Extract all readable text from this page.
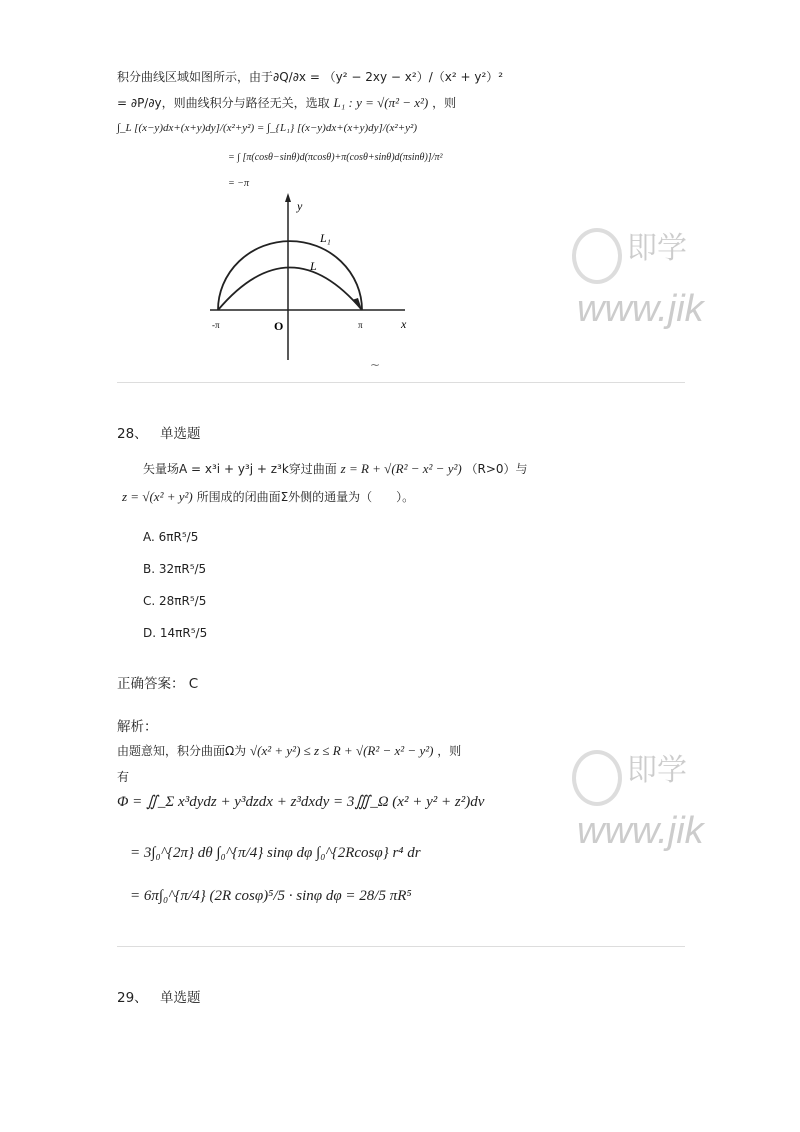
积分曲线区域如图所示，由于∂Q/∂x = （y² − 2xy − x²）/（x² + y²）²
= ∂P/∂y，则曲线积分与路径无关，选取 L₁ : y = √(π² − x²) ，则
∫_L [(x−y)dx+(x+y)dy]/(x²+y²) = ∫_{L₁} [(x−y)dx+(x+y)dy]/(x²+y²)
= ∫ [π(cosθ−sinθ)d(πcosθ)+π(cosθ+sinθ)d(πsinθ)]/π²
= −π
y
x
O
-π	π
L₁
L
~
即学
www.jik
28、 单选题
矢量场A = x³i + y³j + z³k穿过曲面 z = R + √(R² − x² − y²) （R>0）与
z = √(x² + y²) 所围成的闭曲面Σ外侧的通量为（　　）。
A. 6πR⁵/5
B. 32πR⁵/5
C. 28πR⁵/5
D. 14πR⁵/5
正确答案： C
解析：
由题意知，积分曲面Ω为 √(x² + y²) ≤ z ≤ R + √(R² − x² − y²) ，则
有
Φ = ∬_Σ x³dydz + y³dzdx + z³dxdy = 3∭_Ω (x² + y² + z²)dv
= 3∫₀^{2π} dθ ∫₀^{π/4} sinφ dφ ∫₀^{2Rcosφ} r⁴ dr
= 6π∫₀^{π/4} (2R cosφ)⁵/5 · sinφ dφ = 28/5 πR⁵
即学
www.jik
29、 单选题
